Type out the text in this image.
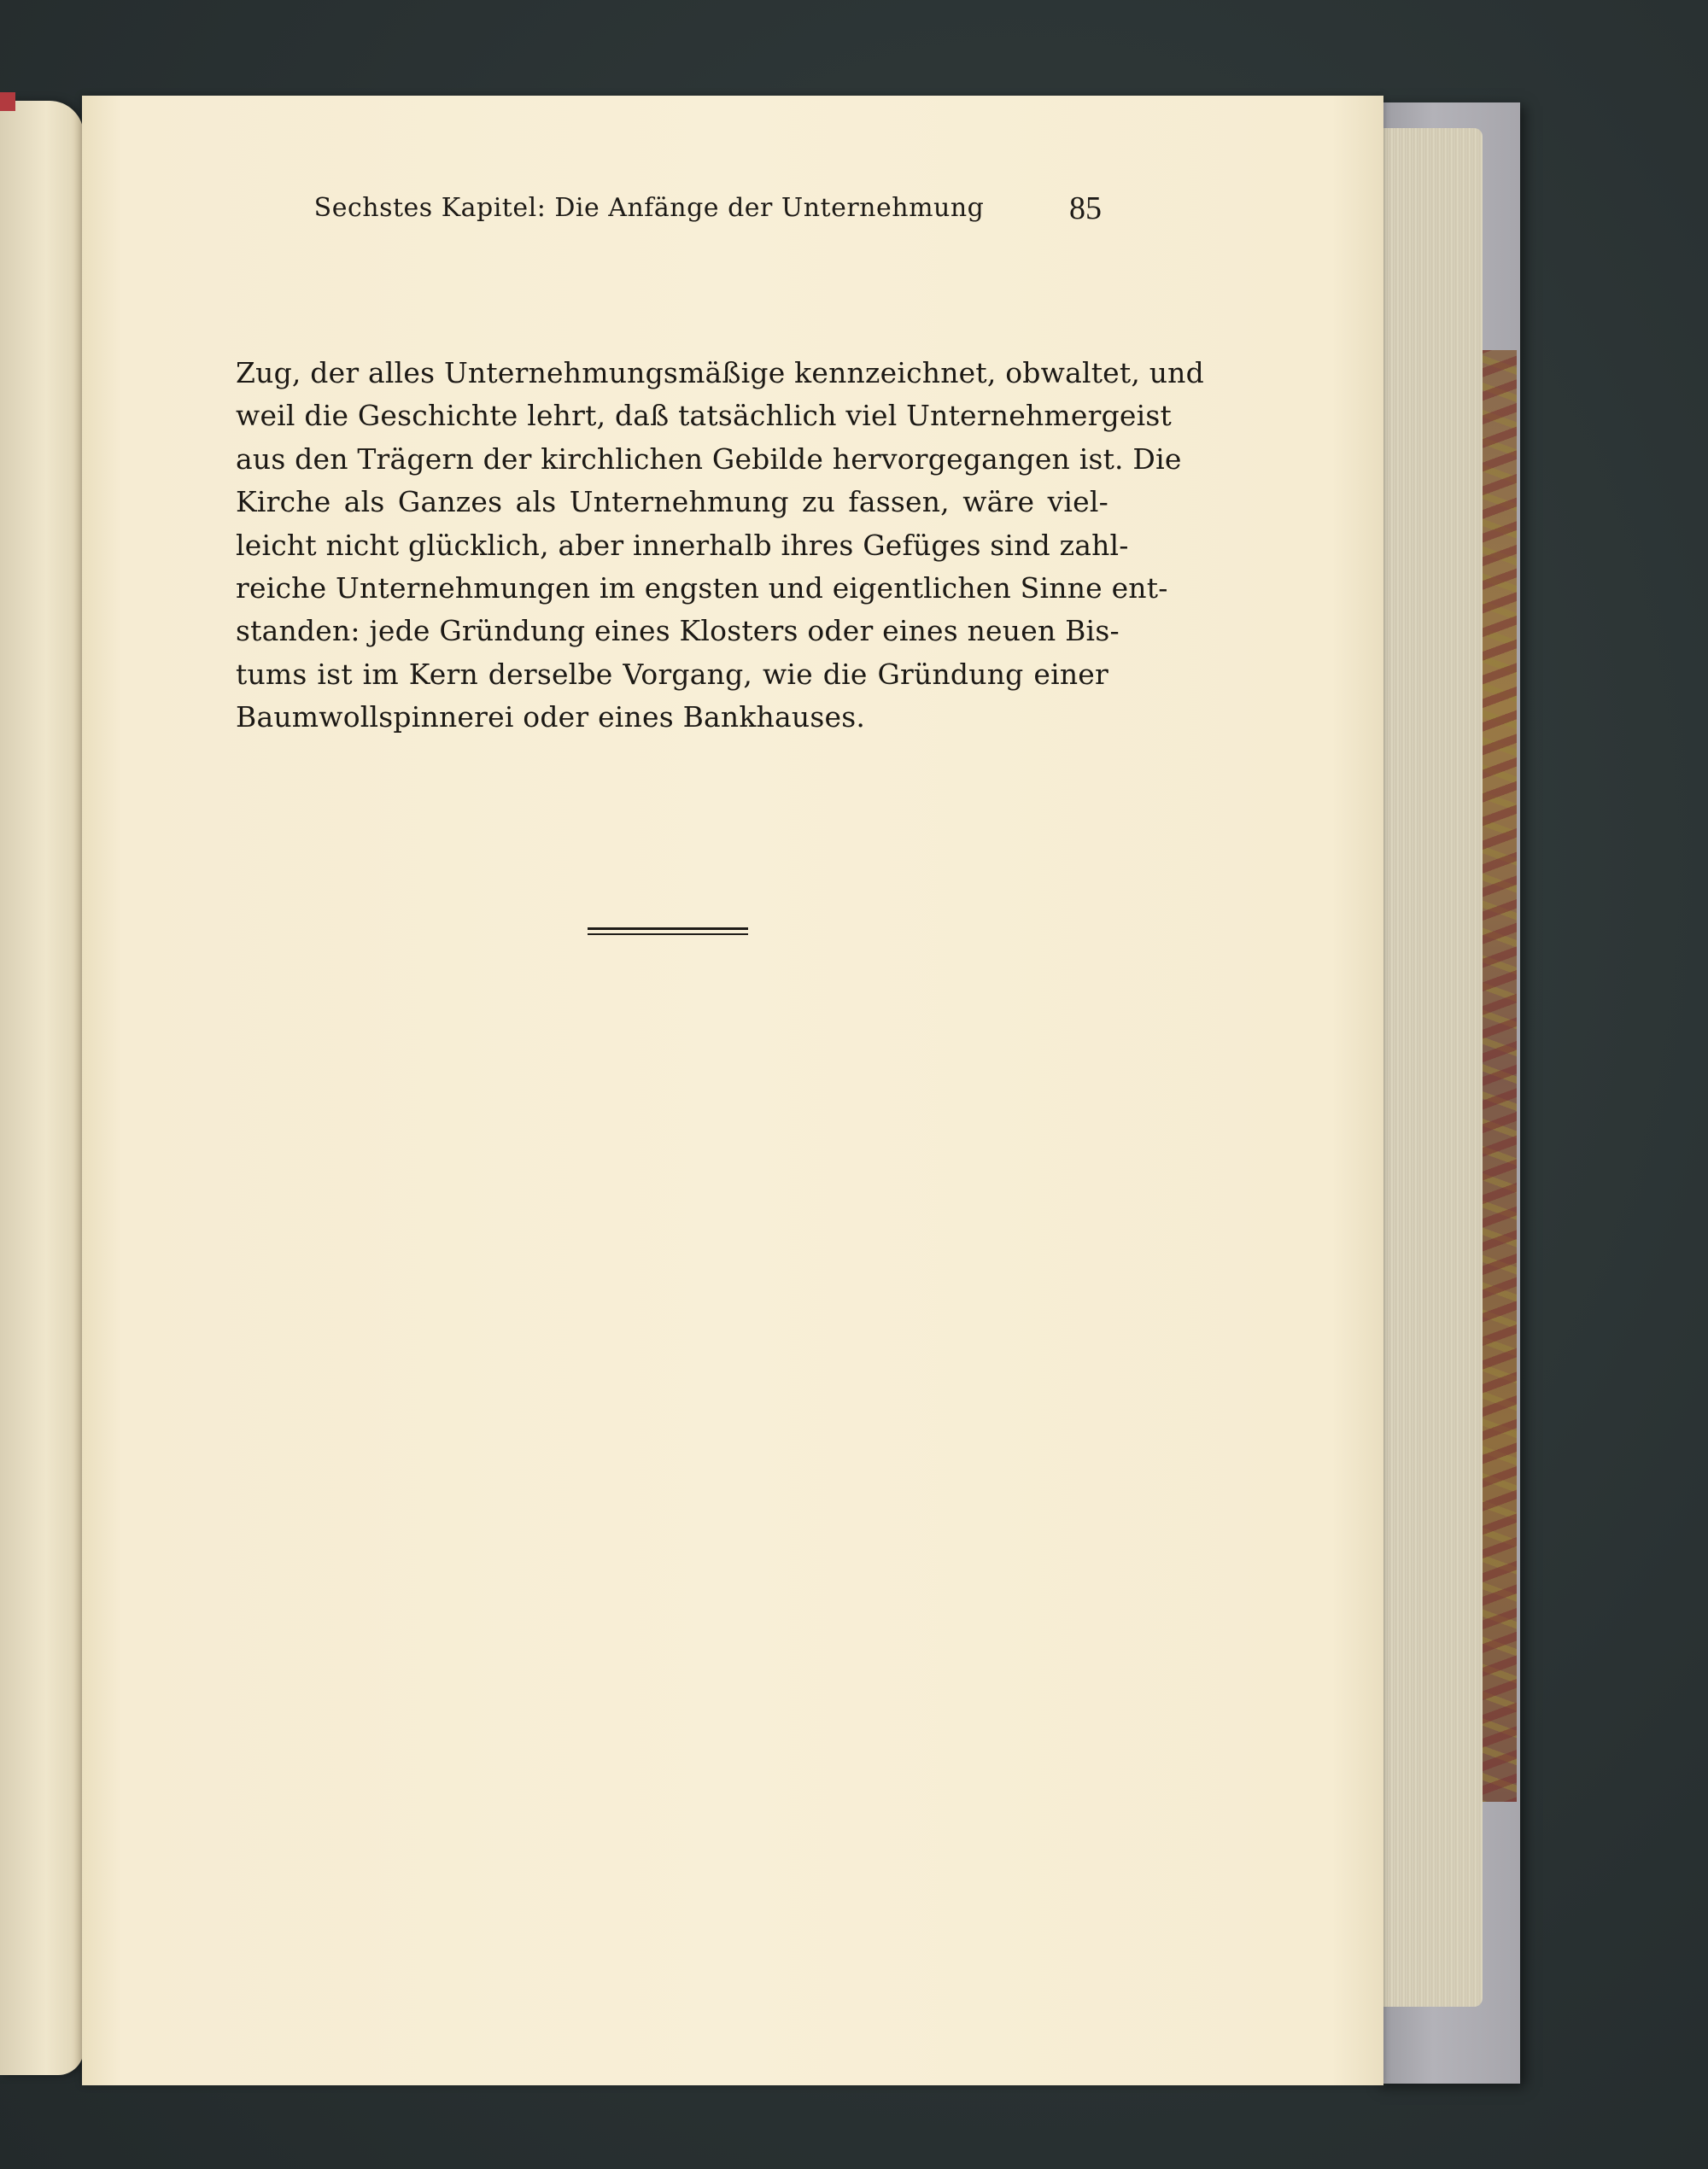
Sechstes Kapitel: Die Anfänge der Unternehmung	85
Zug, der alles Unternehmungsmäßige kennzeichnet, obwaltet, und
weil die Geschichte lehrt, daß tatsächlich viel Unternehmergeist
aus den Trägern der kirchlichen Gebilde hervorgegangen ist. Die
Kirche als Ganzes als Unternehmung zu fassen, wäre viel-
leicht nicht glücklich, aber innerhalb ihres Gefüges sind zahl-
reiche Unternehmungen im engsten und eigentlichen Sinne ent-
standen: jede Gründung eines Klosters oder eines neuen Bis-
tums ist im Kern derselbe Vorgang, wie die Gründung einer
Baumwollspinnerei oder eines Bankhauses.
